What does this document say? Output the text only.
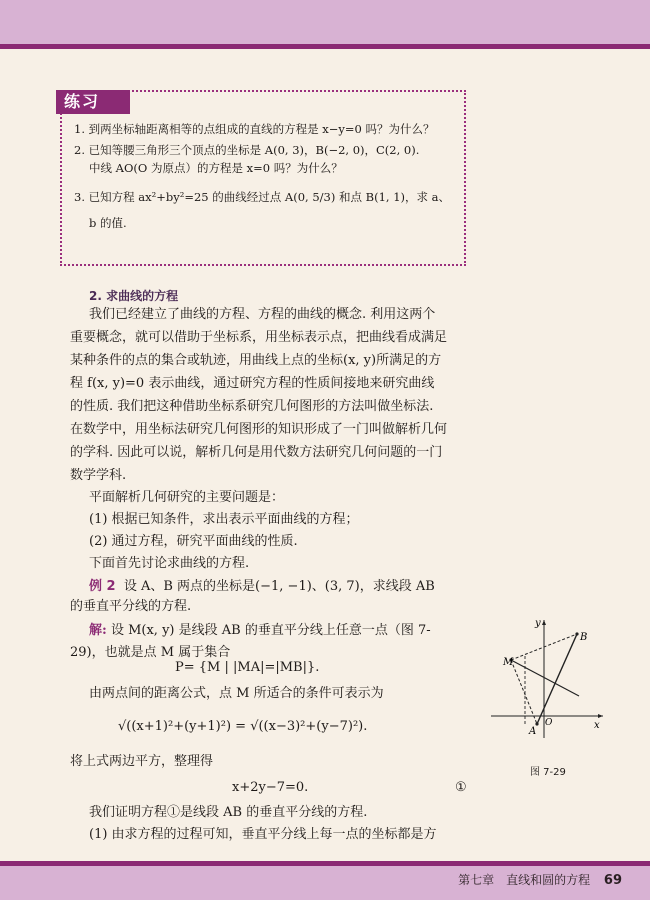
练习
1. 到两坐标轴距离相等的点组成的直线的方程是 x−y=0 吗？为什么？
2. 已知等腰三角形三个顶点的坐标是 A(0, 3)，B(−2, 0)，C(2, 0).
中线 AO(O 为原点）的方程是 x=0 吗？为什么？
3. 已知方程 ax²+by²=25 的曲线经过点 A(0, 5/3) 和点 B(1, 1)，求 a、
b 的值.
2. 求曲线的方程
我们已经建立了曲线的方程、方程的曲线的概念. 利用这两个
重要概念，就可以借助于坐标系，用坐标表示点，把曲线看成满足
某种条件的点的集合或轨迹，用曲线上点的坐标(x, y)所满足的方
程 f(x, y)=0 表示曲线，通过研究方程的性质间接地来研究曲线
的性质. 我们把这种借助坐标系研究几何图形的方法叫做坐标法.
在数学中，用坐标法研究几何图形的知识形成了一门叫做解析几何
的学科. 因此可以说，解析几何是用代数方法研究几何问题的一门
数学学科.
平面解析几何研究的主要问题是：
(1) 根据已知条件，求出表示平面曲线的方程；
(2) 通过方程，研究平面曲线的性质.
下面首先讨论求曲线的方程.
例 2 设 A、B 两点的坐标是(−1, −1)、(3, 7)，求线段 AB
的垂直平分线的方程.
解: 设 M(x, y) 是线段 AB 的垂直平分线上任意一点（图 7-
29)，也就是点 M 属于集合
P= {M | |MA|=|MB|}.
由两点间的距离公式，点 M 所适合的条件可表示为
√((x+1)²+(y+1)²) = √((x−3)²+(y−7)²).
将上式两边平方，整理得
x+2y−7=0.	①
我们证明方程①是线段 AB 的垂直平分线的方程.
(1) 由求方程的过程可知，垂直平分线上每一点的坐标都是方
y
x
B
M
A
O
图 7-29
第七章　直线和圆的方程 69
